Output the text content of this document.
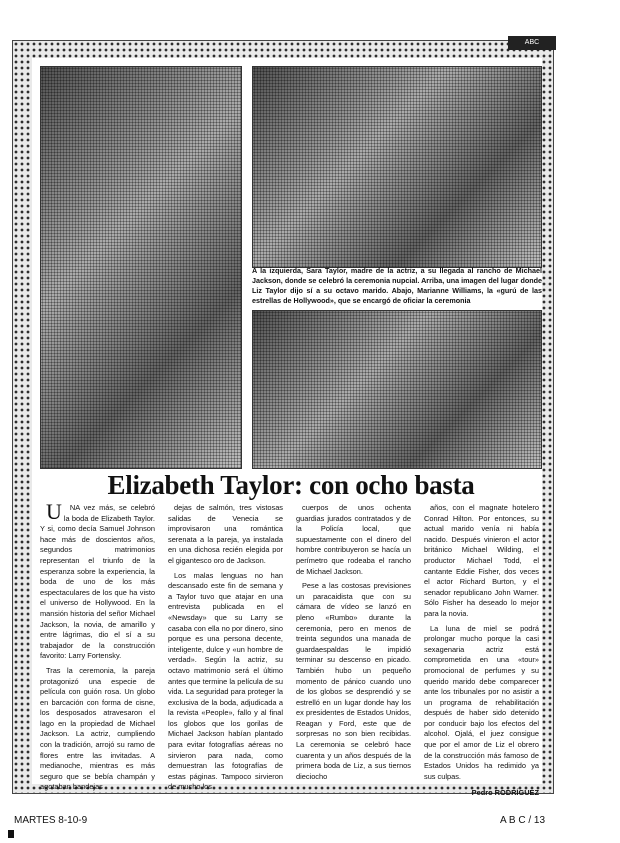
ABC
A la izquierda, Sara Taylor, madre de la actriz, a su llegada al rancho de Michael Jackson, donde se celebró la ceremonia nupcial. Arriba, una imagen del lugar donde Liz Taylor dijo sí a su octavo marido. Abajo, Marianne Williams, la «gurú de las estrellas de Hollywood», que se encargó de oficiar la ceremonia
Elizabeth Taylor: con ocho basta

U NA vez más, se celebró la boda de Elizabeth Taylor. Y si, como decía Samuel Johnson hace más de doscientos años, segundos matrimonios representan el triunfo de la esperanza sobre la experiencia, la boda de uno de los más espectaculares de los que ha visto el universo de Hollywood. En la mansión historia del señor Michael Jackson, la novia, de amarillo y entre lágrimas, dio el sí a su trabajador de la construcción favorito: Larry Fortensky.

Tras la ceremonia, la pareja protagonizó una especie de película con guión rosa. Un globo en barcación con forma de cisne, los desposados atravesaron el lago en la propiedad de Michael Jackson. La actriz, cumpliendo con la tradición, arrojó su ramo de flores entre las invitadas. A medianoche, mientras es más seguro que se bebía champán y agotaban bandejas

dejas de salmón, tres vistosas salidas de Venecia se improvisaron una romántica serenata a la pareja, ya instalada en una dichosa recién elegida por el gigantesco oro de Jackson.

Los malas lenguas no han descansado este fin de semana y a Taylor tuvo que atajar en una entrevista publicada en el «Newsday» que su Larry se casaba con ella no por dinero, sino porque es una persona decente, inteligente, dulce y «un hombre de verdad». Según la actriz, su octavo matrimonio será el último antes que termine la película de su vida. La seguridad para proteger la exclusiva de la boda, adjudicada a la revista «People», fallo y al final los globos que los gorilas de Michael Jackson habían plantado para evitar fotografías aéreas no sirvieron para nada, como demuestran las fotografías de estas páginas. Tampoco sirvieron de mucho los

cuerpos de unos ochenta guardias jurados contratados y de la Policía local, que supuestamente con el dinero del hombre contribuyeron se hacía un perímetro que rodeaba el rancho de Michael Jackson.

Pese a las costosas previsiones un paracaidista que con su cámara de vídeo se lanzó en pleno «Rumbo» durante la ceremonia, pero en menos de treinta segundos una manada de guardaespaldas le impidió terminar su descenso en picado. También hubo un pequeño momento de pánico cuando uno de los globos se desprendió y se estrelló en un lugar donde hay los ex presidentes de Estados Unidos, Reagan y Ford, este que de sorpresas no son bien recibidas. La ceremonia se celebró hace cuarenta y un años después de la primera boda de Liz, a sus tiernos dieciocho

años, con el magnate hotelero Conrad Hilton. Por entonces, su actual marido venía ni había nacido. Después vinieron el actor británico Michael Wilding, el productor Michael Todd, el cantante Eddie Fisher, dos veces el actor Richard Burton, y el senador republicano John Warner. Sólo Fisher ha deseado lo mejor para la novia.

La luna de miel se podrá prolongar mucho porque la casi sexagenaria actriz está comprometida en una «tour» promocional de perfumes y su querido marido debe comparecer ante los tribunales por no asistir a un programa de rehabilitación después de haber sido detenido por conducir bajo los efectos del alcohol. Ojalá, el juez consigue que por el amor de Liz el obrero de la construcción más famoso de Estados Unidos ha redimido ya sus culpas.

Pedro RODRÍGUEZ
MARTES 8-10-9	A B C / 13
